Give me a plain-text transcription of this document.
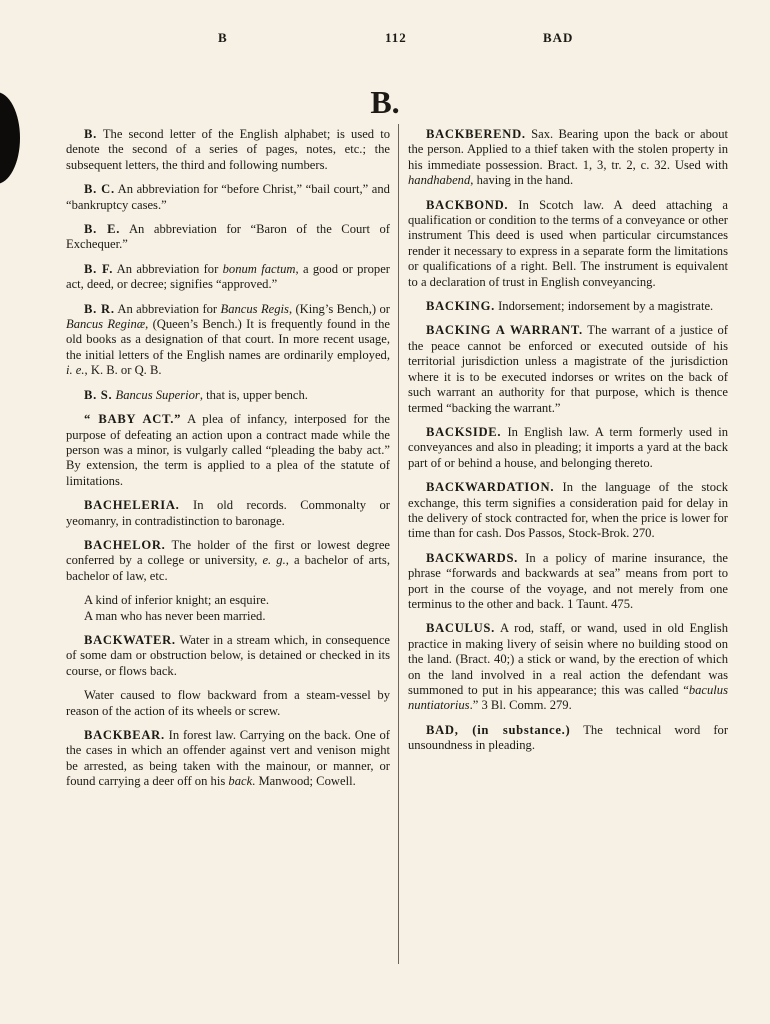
B	112	BAD
B.

B. The second letter of the English alphabet; is used to denote the second of a series of pages, notes, etc.; the subsequent letters, the third and following numbers.

B. C. An abbreviation for “before Christ,” “bail court,” and “bankruptcy cases.”

B. E. An abbreviation for “Baron of the Court of Exchequer.”

B. F. An abbreviation for bonum factum, a good or proper act, deed, or decree; signifies “approved.”

B. R. An abbreviation for Bancus Regis, (King’s Bench,) or Bancus Reginæ, (Queen’s Bench.) It is frequently found in the old books as a designation of that court. In more recent usage, the initial letters of the English names are ordinarily employed, i. e., K. B. or Q. B.

B. S. Bancus Superior, that is, upper bench.

“ BABY ACT.” A plea of infancy, interposed for the purpose of defeating an action upon a contract made while the person was a minor, is vulgarly called “pleading the baby act.” By extension, the term is applied to a plea of the statute of limitations.

BACHELERIA. In old records. Commonalty or yeomanry, in contradistinction to baronage.

BACHELOR. The holder of the first or lowest degree conferred by a college or university, e. g., a bachelor of arts, bachelor of law, etc.

A kind of inferior knight; an esquire.

A man who has never been married.

BACKWATER. Water in a stream which, in consequence of some dam or obstruction below, is detained or checked in its course, or flows back.

Water caused to flow backward from a steam-vessel by reason of the action of its wheels or screw.

BACKBEAR. In forest law. Carrying on the back. One of the cases in which an offender against vert and venison might be arrested, as being taken with the mainour, or manner, or found carrying a deer off on his back. Manwood; Cowell.

BACKBEREND. Sax. Bearing upon the back or about the person. Applied to a thief taken with the stolen property in his immediate possession. Bract. 1, 3, tr. 2, c. 32. Used with handhabend, having in the hand.

BACKBOND. In Scotch law. A deed attaching a qualification or condition to the terms of a conveyance or other instrument This deed is used when particular circumstances render it necessary to express in a separate form the limitations or qualifications of a right. Bell. The instrument is equivalent to a declaration of trust in English conveyancing.

BACKING. Indorsement; indorsement by a magistrate.

BACKING A WARRANT. The warrant of a justice of the peace cannot be enforced or executed outside of his territorial jurisdiction unless a magistrate of the jurisdiction where it is to be executed indorses or writes on the back of such warrant an authority for that purpose, which is thence termed “backing the warrant.”

BACKSIDE. In English law. A term formerly used in conveyances and also in pleading; it imports a yard at the back part of or behind a house, and belonging thereto.

BACKWARDATION. In the language of the stock exchange, this term signifies a consideration paid for delay in the delivery of stock contracted for, when the price is lower for time than for cash. Dos Passos, Stock-Brok. 270.

BACKWARDS. In a policy of marine insurance, the phrase “forwards and backwards at sea” means from port to port in the course of the voyage, and not merely from one terminus to the other and back. 1 Taunt. 475.

BACULUS. A rod, staff, or wand, used in old English practice in making livery of seisin where no building stood on the land. (Bract. 40;) a stick or wand, by the erection of which on the land involved in a real action the defendant was summoned to put in his appearance; this was called “baculus nuntiatorius.” 3 Bl. Comm. 279.

BAD, (in substance.) The technical word for unsoundness in pleading.
